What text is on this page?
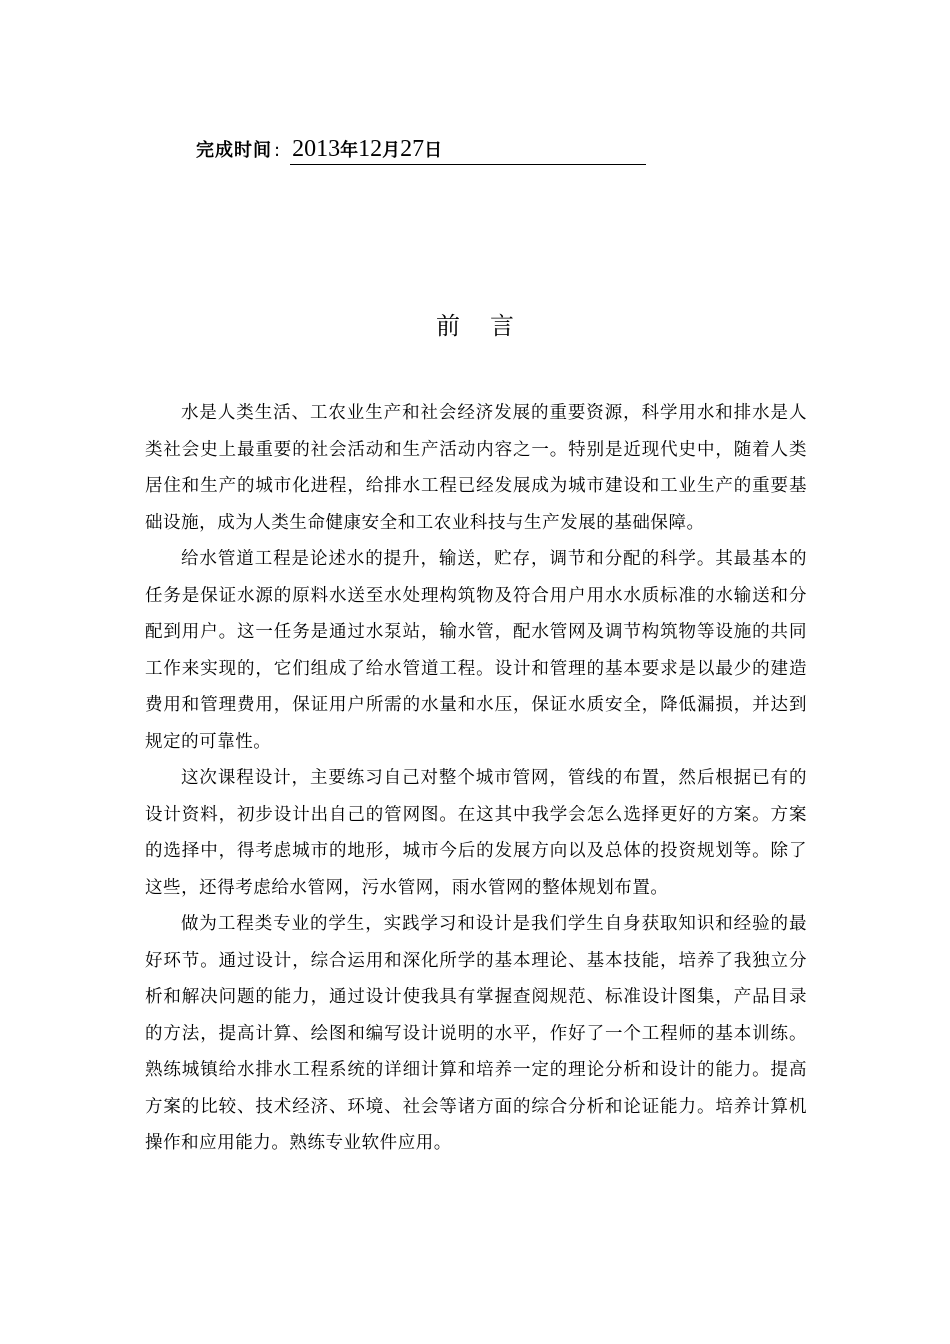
完成时间 : 2013年12月27日
前言

水是人类生活、工农业生产和社会经济发展的重要资源，科学用水和排水是人类社会史上最重要的社会活动和生产活动内容之一。特别是近现代史中，随着人类居住和生产的城市化进程，给排水工程已经发展成为城市建设和工业生产的重要基础设施，成为人类生命健康安全和工农业科技与生产发展的基础保障。

给水管道工程是论述水的提升，输送，贮存，调节和分配的科学。其最基本的任务是保证水源的原料水送至水处理构筑物及符合用户用水水质标准的水输送和分配到用户。这一任务是通过水泵站，输水管，配水管网及调节构筑物等设施的共同工作来实现的，它们组成了给水管道工程。设计和管理的基本要求是以最少的建造费用和管理费用，保证用户所需的水量和水压，保证水质安全，降低漏损，并达到规定的可靠性。

这次课程设计，主要练习自己对整个城市管网，管线的布置，然后根据已有的设计资料，初步设计出自己的管网图。在这其中我学会怎么选择更好的方案。方案的选择中，得考虑城市的地形，城市今后的发展方向以及总体的投资规划等。除了这些，还得考虑给水管网，污水管网，雨水管网的整体规划布置。

做为工程类专业的学生，实践学习和设计是我们学生自身获取知识和经验的最好环节。通过设计，综合运用和深化所学的基本理论、基本技能，培养了我独立分析和解决问题的能力，通过设计使我具有掌握查阅规范、标准设计图集，产品目录的方法，提高计算、绘图和编写设计说明的水平，作好了一个工程师的基本训练。熟练城镇给水排水工程系统的详细计算和培养一定的理论分析和设计的能力。提高方案的比较、技术经济、环境、社会等诸方面的综合分析和论证能力。培养计算机操作和应用能力。熟练专业软件应用。
